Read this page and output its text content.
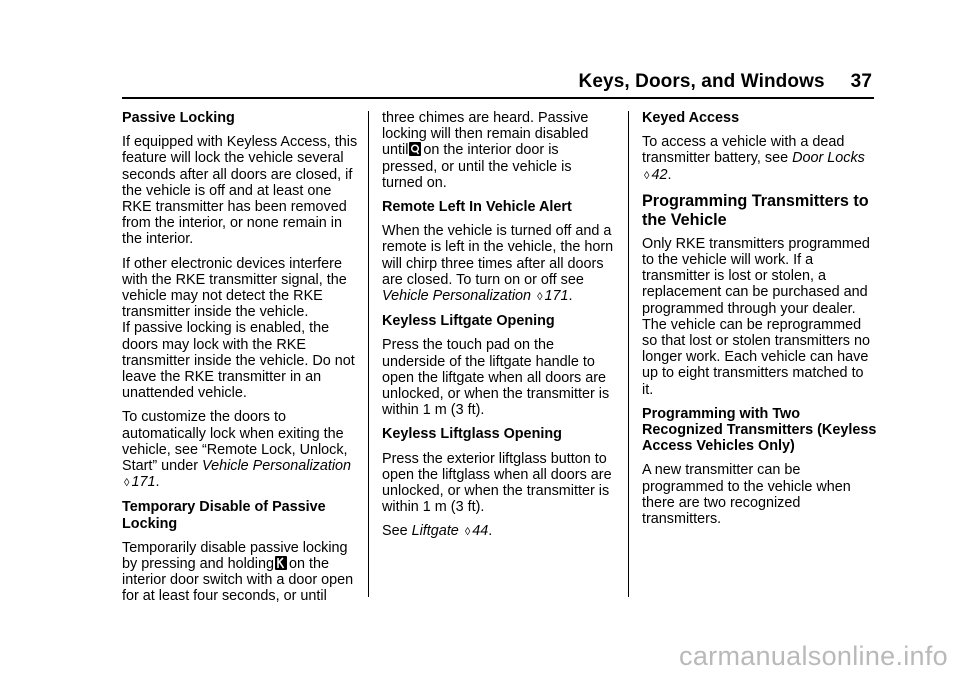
Keys, Doors, and Windows 37

Passive Locking

If equipped with Keyless Access, this feature will lock the vehicle several seconds after all doors are closed, if the vehicle is off and at least one RKE transmitter has been removed from the interior, or none remain in the interior.

If other electronic devices interfere with the RKE transmitter signal, the vehicle may not detect the RKE transmitter inside the vehicle.

If passive locking is enabled, the doors may lock with the RKE transmitter inside the vehicle. Do not leave the RKE transmitter in an unattended vehicle.

To customize the doors to automatically lock when exiting the vehicle, see “Remote Lock, Unlock, Start” under Vehicle Personalization
◊ 171.

Temporary Disable of Passive Locking

Temporarily disable passive locking by pressing and holding on the interior door switch with a door open for at least four seconds, or until

three chimes are heard. Passive locking will then remain disabled until on the interior door is pressed, or until the vehicle is turned on.

Remote Left In Vehicle Alert

When the vehicle is turned off and a remote is left in the vehicle, the horn will chirp three times after all doors are closed. To turn on or off see Vehicle Personalization ◊ 171.

Keyless Liftgate Opening

Press the touch pad on the underside of the liftgate handle to open the liftgate when all doors are unlocked, or when the transmitter is within 1 m (3 ft).

Keyless Liftglass Opening

Press the exterior liftglass button to open the liftglass when all doors are unlocked, or when the transmitter is within 1 m (3 ft).

See Liftgate ◊ 44.

Keyed Access

To access a vehicle with a dead transmitter battery, see Door Locks
◊ 42.

Programming Transmitters to the Vehicle

Only RKE transmitters programmed to the vehicle will work. If a transmitter is lost or stolen, a replacement can be purchased and programmed through your dealer. The vehicle can be reprogrammed so that lost or stolen transmitters no longer work. Each vehicle can have up to eight transmitters matched to it.

Programming with Two Recognized Transmitters (Keyless Access Vehicles Only)

A new transmitter can be programmed to the vehicle when there are two recognized transmitters.

carmanualsonline.info
